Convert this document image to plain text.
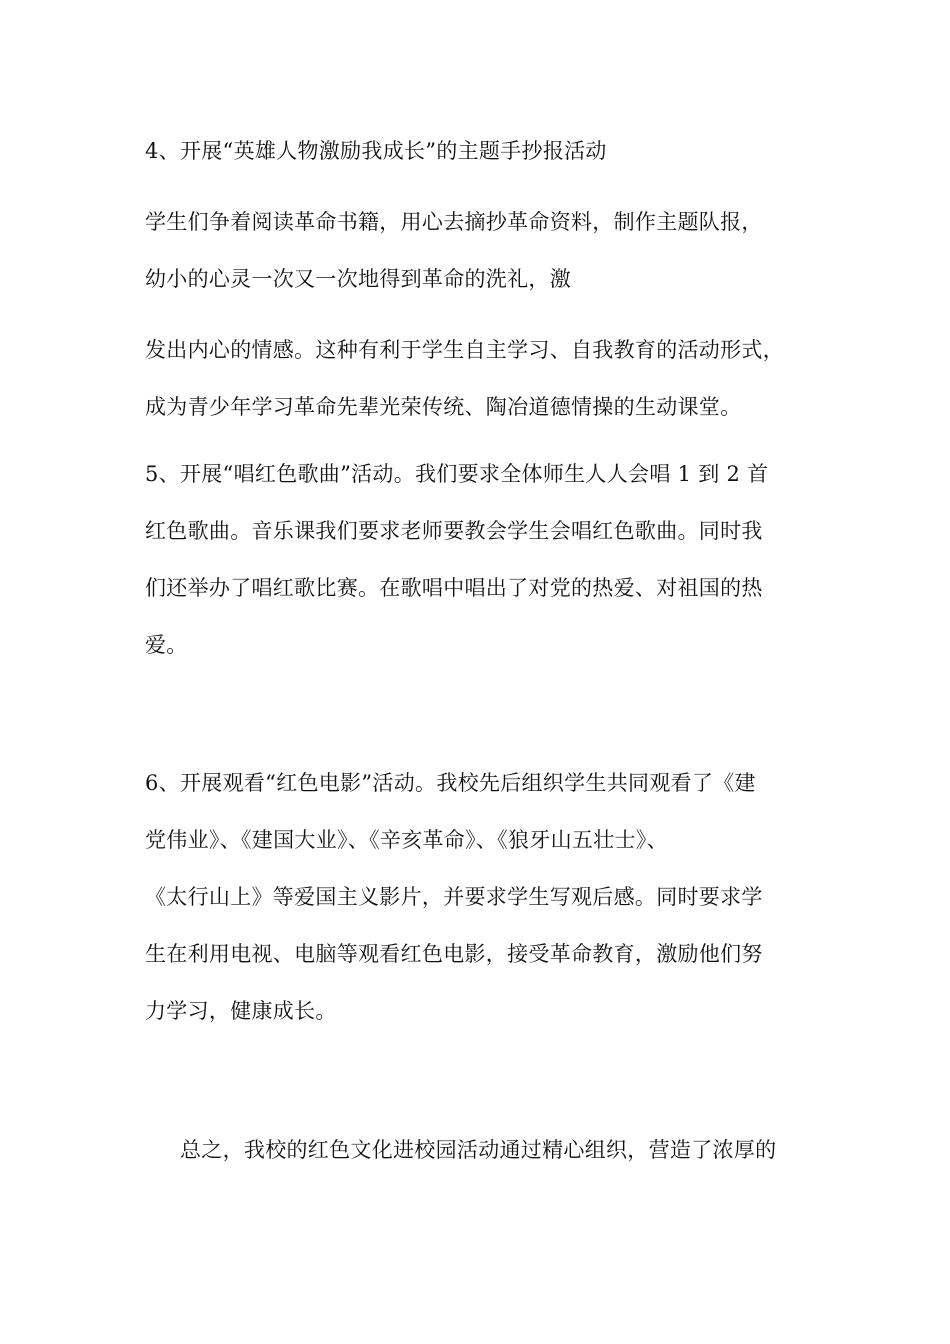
4、开展“英雄人物激励我成长”的主题手抄报活动
学生们争着阅读革命书籍，用心去摘抄革命资料，制作主题队报，
幼小的心灵一次又一次地得到革命的洗礼，激
发出内心的情感。这种有利于学生自主学习、自我教育的活动形式，
成为青少年学习革命先辈光荣传统、陶冶道德情操的生动课堂。
5、开展“唱红色歌曲”活动。我们要求全体师生人人会唱 1 到 2 首
红色歌曲。音乐课我们要求老师要教会学生会唱红色歌曲。同时我
们还举办了唱红歌比赛。在歌唱中唱出了对党的热爱、对祖国的热
爱。
6、开展观看“红色电影”活动。我校先后组织学生共同观看了《建
党伟业》、《建国大业》、《辛亥革命》、《狼牙山五壮士》、
《太行山上》等爱国主义影片，并要求学生写观后感。同时要求学
生在利用电视、电脑等观看红色电影，接受革命教育，激励他们努
力学习，健康成长。
总之，我校的红色文化进校园活动通过精心组织，营造了浓厚的
